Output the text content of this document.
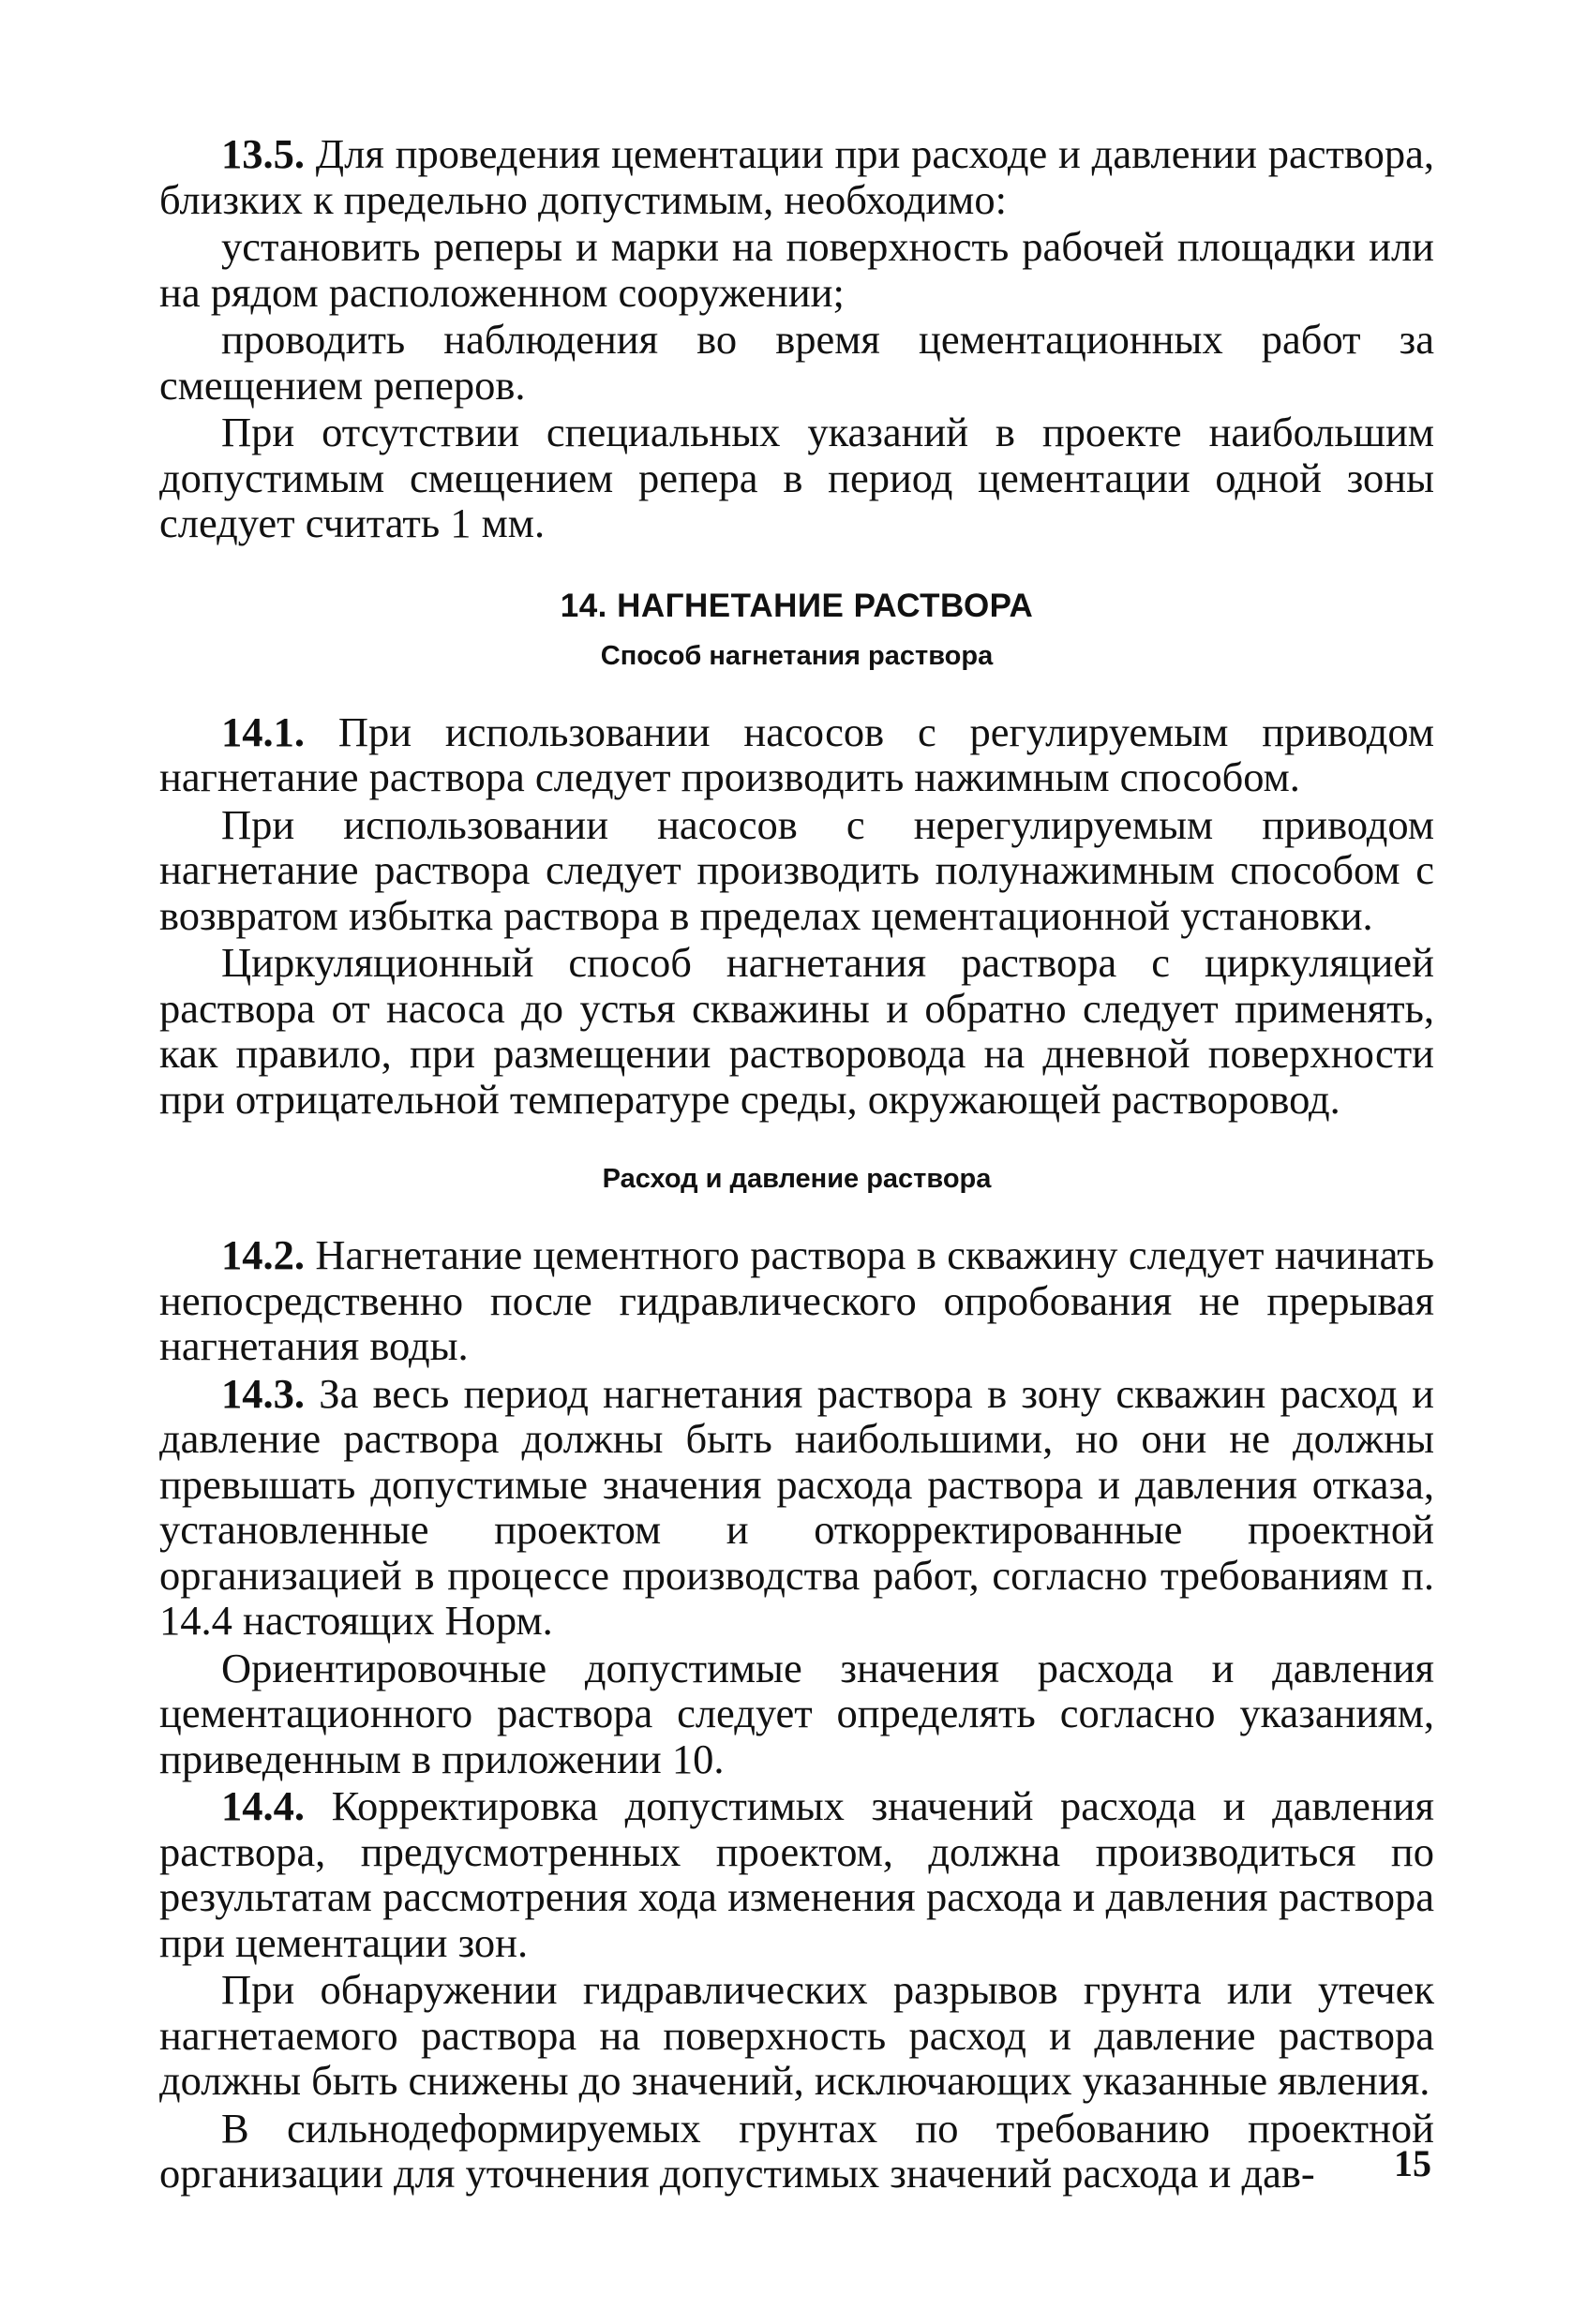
13.5. Для проведения цементации при расходе и давлении раствора, близких к предельно допустимым, необходимо:

установить реперы и марки на поверхность рабочей площадки или на рядом расположенном сооружении;

проводить наблюдения во время цементационных работ за смещением реперов.

При отсутствии специальных указаний в проекте наибольшим допустимым смещением репера в период цементации одной зоны следует считать 1 мм.

14. НАГНЕТАНИЕ РАСТВОРА
Способ нагнетания раствора

14.1. При использовании насосов с регулируемым приводом нагнетание раствора следует производить нажимным способом.

При использовании насосов с нерегулируемым приводом нагнетание раствора следует производить полунажимным способом с возвратом избытка раствора в пределах цементационной установки.

Циркуляционный способ нагнетания раствора с циркуляцией раствора от насоса до устья скважины и обратно следует применять, как правило, при размещении растворовода на дневной поверхности при отрицательной температуре среды, окружающей растворовод.

Расход и давление раствора

14.2. Нагнетание цементного раствора в скважину следует начинать непосредственно после гидравлического опробования не прерывая нагнетания воды.

14.3. За весь период нагнетания раствора в зону скважин расход и давление раствора должны быть наибольшими, но они не должны превышать допустимые значения расхода раствора и давления отказа, установленные проектом и откорректированные проектной организацией в процессе производства работ, согласно требованиям п. 14.4 настоящих Норм.

Ориентировочные допустимые значения расхода и давления цементационного раствора следует определять согласно указаниям, приведенным в приложении 10.

14.4. Корректировка допустимых значений расхода и давления раствора, предусмотренных проектом, должна производиться по результатам рассмотрения хода изменения расхода и давления раствора при цементации зон.

При обнаружении гидравлических разрывов грунта или утечек нагнетаемого раствора на поверхность расход и давление раствора должны быть снижены до значений, исключающих указанные явления.

В сильнодеформируемых грунтах по требованию проектной организации для уточнения допустимых значений расхода и дав-	15
